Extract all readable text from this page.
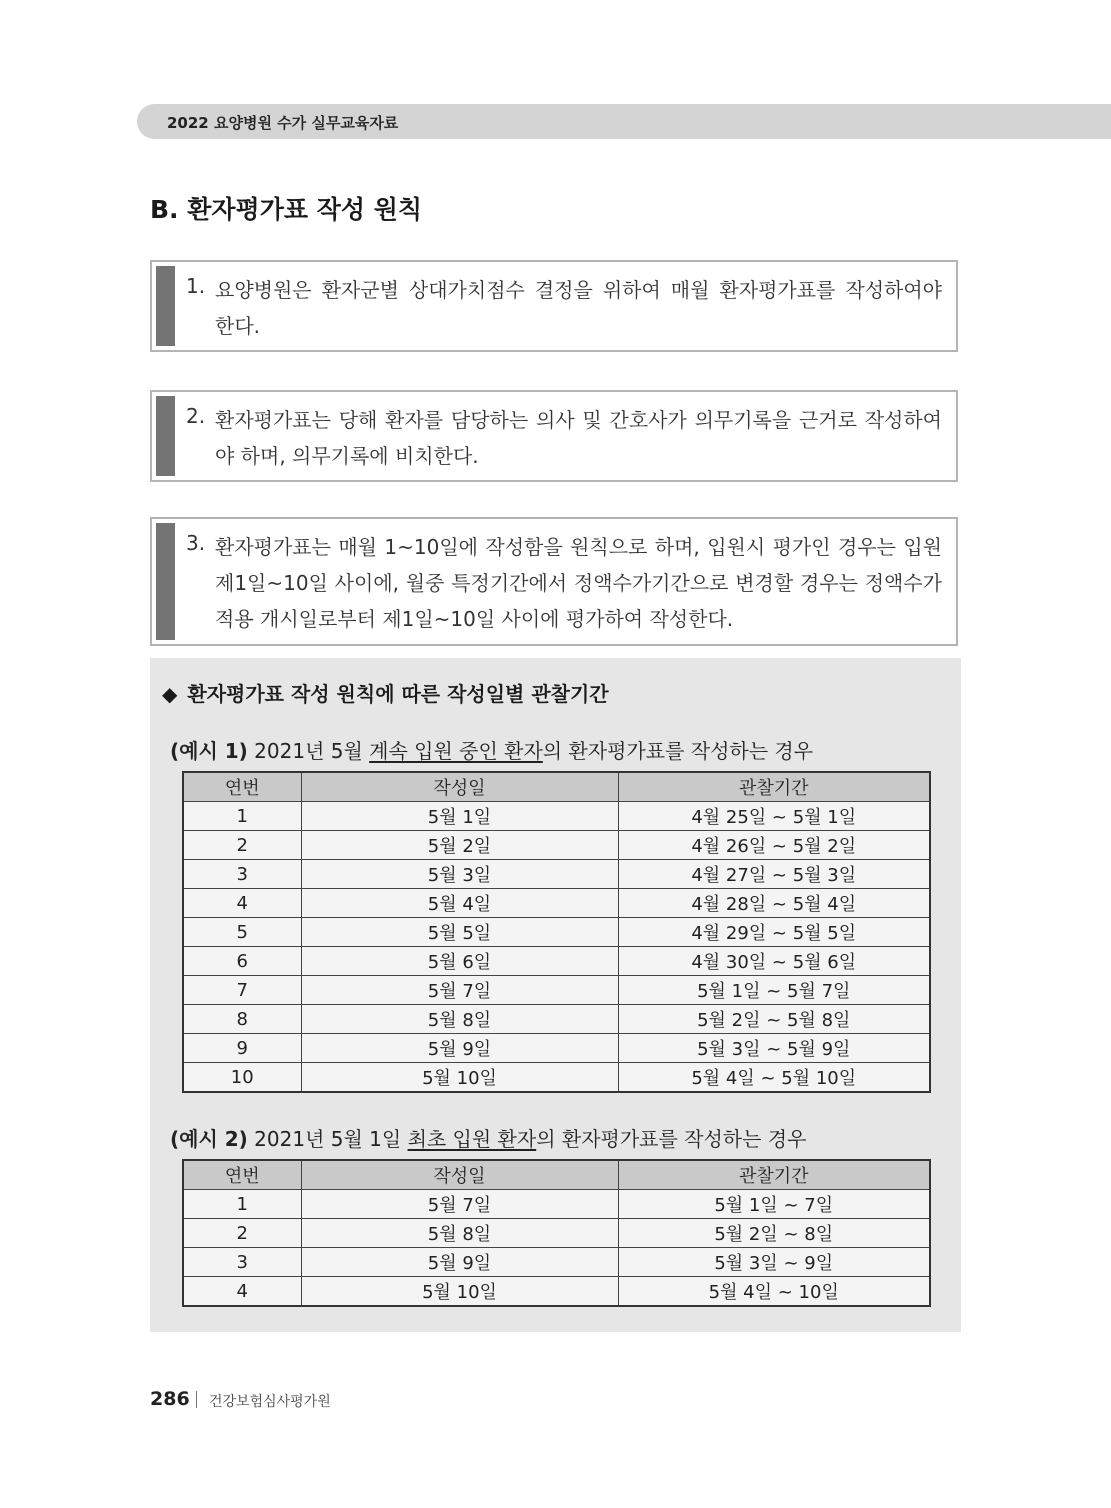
2022 요양병원 수가 실무교육자료
B. 환자평가표 작성 원칙
1. 요양병원은 환자군별 상대가치점수 결정을 위하여 매월 환자평가표를 작성하여야 한다.
2. 환자평가표는 당해 환자를 담당하는 의사 및 간호사가 의무기록을 근거로 작성하여야 하며, 의무기록에 비치한다.
3. 환자평가표는 매월 1~10일에 작성함을 원칙으로 하며, 입원시 평가인 경우는 입원 제1일~10일 사이에, 월중 특정기간에서 정액수가기간으로 변경할 경우는 정액수가 적용 개시일로부터 제1일~10일 사이에 평가하여 작성한다.
◆ 환자평가표 작성 원칙에 따른 작성일별 관찰기간
(예시 1) 2021년 5월 계속 입원 중인 환자의 환자평가표를 작성하는 경우
연번	작성일	관찰기간
1	5월 1일	4월 25일 ~ 5월 1일
2	5월 2일	4월 26일 ~ 5월 2일
3	5월 3일	4월 27일 ~ 5월 3일
4	5월 4일	4월 28일 ~ 5월 4일
5	5월 5일	4월 29일 ~ 5월 5일
6	5월 6일	4월 30일 ~ 5월 6일
7	5월 7일	5월 1일 ~ 5월 7일
8	5월 8일	5월 2일 ~ 5월 8일
9	5월 9일	5월 3일 ~ 5월 9일
10	5월 10일	5월 4일 ~ 5월 10일
(예시 2) 2021년 5월 1일 최초 입원 환자의 환자평가표를 작성하는 경우
연번	작성일	관찰기간
1	5월 7일	5월 1일 ~ 7일
2	5월 8일	5월 2일 ~ 8일
3	5월 9일	5월 3일 ~ 9일
4	5월 10일	5월 4일 ~ 10일
286 건강보험심사평가원
